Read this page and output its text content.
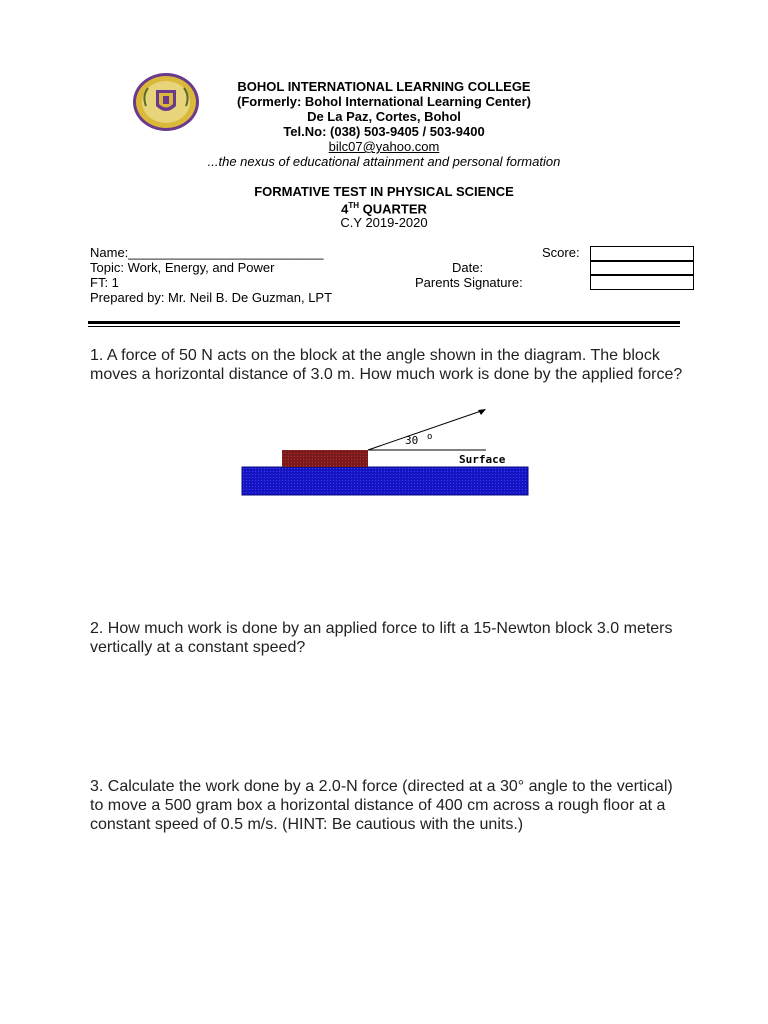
BOHOL INTERNATIONAL LEARNING COLLEGE
(Formerly: Bohol International Learning Center)
De La Paz, Cortes, Bohol
Tel.No: (038) 503-9405 / 503-9400
bilc07@yahoo.com
...the nexus of educational attainment and personal formation
FORMATIVE TEST IN PHYSICAL SCIENCE
4TH QUARTER
C.Y 2019-2020
Name:___________________________
Topic: Work, Energy, and Power
FT: 1
Prepared by: Mr. Neil B. De Guzman, LPT
Score:
Date:
Parents Signature:
1. A force of 50 N acts on the block at the angle shown in the diagram. The block moves a horizontal distance of 3.0 m. How much work is done by the applied force?
30 o
Surface
2. How much work is done by an applied force to lift a 15-Newton block 3.0 meters vertically at a constant speed?
3. Calculate the work done by a 2.0-N force (directed at a 30° angle to the vertical) to move a 500 gram box a horizontal distance of 400 cm across a rough floor at a constant speed of 0.5 m/s. (HINT: Be cautious with the units.)
